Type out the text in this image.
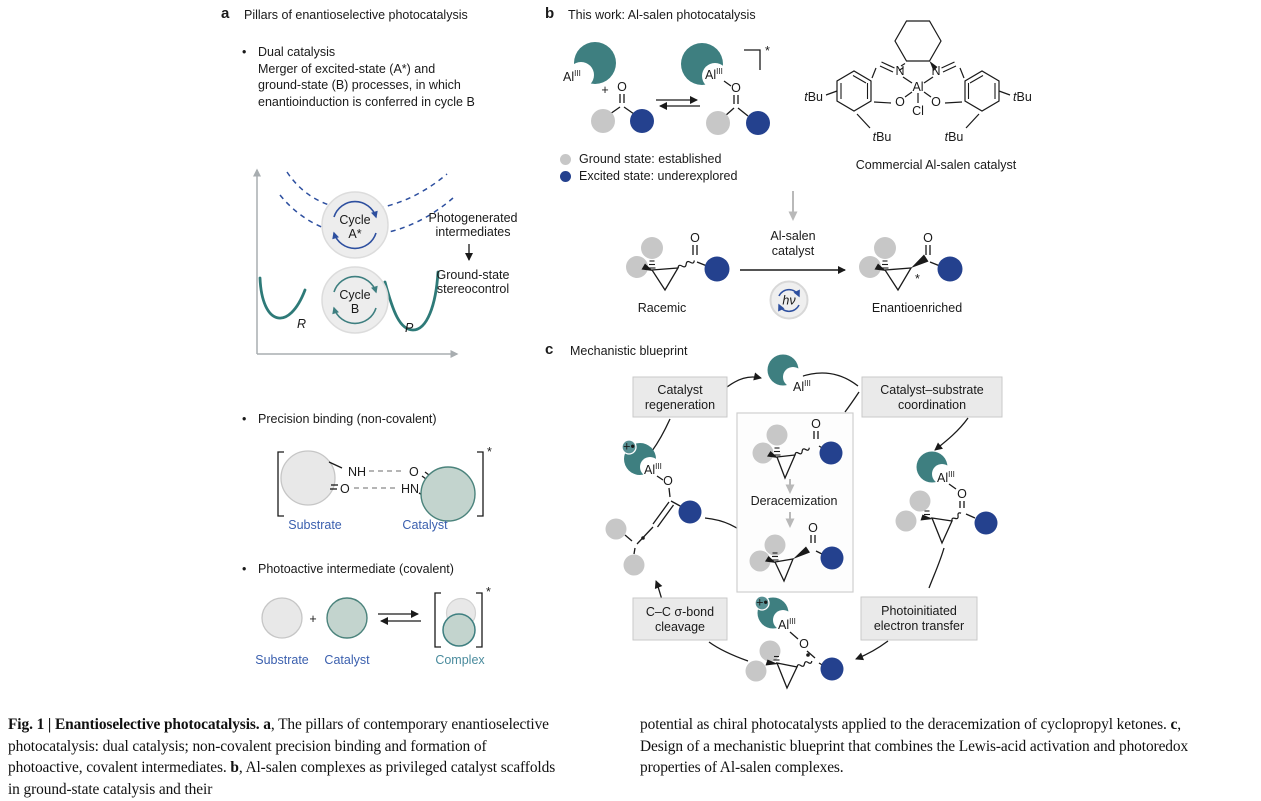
a Pillars of enantioselective photocatalysis
• Dual catalysis
Merger of excited-state (A*) and
ground-state (B) processes, in which
enantioinduction is conferred in cycle B
Cycle
A*
Cycle
B
R	P
Photogenerated
intermediates
Ground-state
stereocontrol
• Precision binding (non-covalent)
*
NH
O
O
HN
Substrate	Catalyst
• Photoactive intermediate (covalent)
+
*
Substrate Catalyst	Complex
b This work: Al-salen photocatalysis
$Al^{III}$
+ O
$Al^{III}$
O
*
Ground state: established
Excited state: underexplored
N N
Al
O O
Cl
tBu
tBu
tBu
tBu
Commercial Al-salen catalyst
O
Racemic
Al-salen
catalyst
hν
O
*
Enantioenriched
c Mechanistic blueprint
Catalyst
regeneration
Catalyst–substrate
coordination
C–C σ-bond
cleavage
Photoinitiated
electron transfer
$Al^{III}$
O
Deracemization
O
+•
$Al^{III}$
O	$Al^{III}$
O
+•
$Al^{III}$
O
Fig. 1 | Enantioselective photocatalysis. a, The pillars of contemporary enantioselective photocatalysis: dual catalysis; non-covalent precision binding and formation of photoactive, covalent intermediates. b, Al-salen complexes as privileged catalyst scaffolds in ground-state catalysis and their
potential as chiral photocatalysts applied to the deracemization of cyclopropyl ketones. c, Design of a mechanistic blueprint that combines the Lewis-acid activation and photoredox properties of Al-salen complexes.
